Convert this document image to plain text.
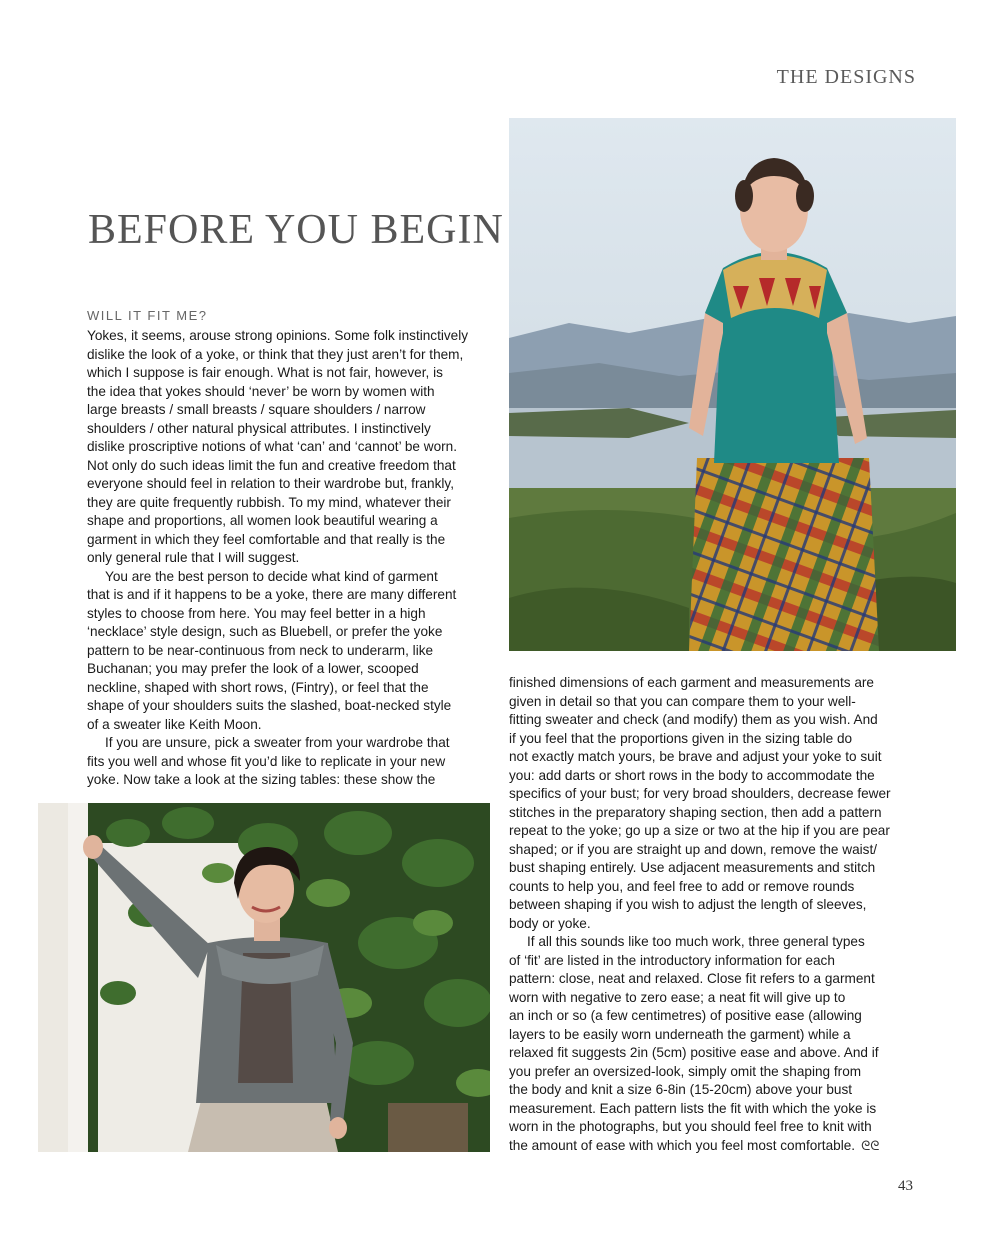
THE DESIGNS
BEFORE YOU BEGIN
WILL IT FIT ME?

Yokes, it seems, arouse strong opinions. Some folk instinctively

dislike the look of a yoke, or think that they just aren’t for them,

which I suppose is fair enough. What is not fair, however, is

the idea that yokes should ‘never’ be worn by women with

large breasts / small breasts / square shoulders / narrow

shoulders / other natural physical attributes. I instinctively

dislike proscriptive notions of what ‘can’ and ‘cannot’ be worn.

Not only do such ideas limit the fun and creative freedom that

everyone should feel in relation to their wardrobe but, frankly,

they are quite frequently rubbish. To my mind, whatever their

shape and proportions, all women look beautiful wearing a

garment in which they feel comfortable and that really is the

only general rule that I will suggest.

You are the best person to decide what kind of garment

that is and if it happens to be a yoke, there are many different

styles to choose from here. You may feel better in a high

‘necklace’ style design, such as Bluebell, or prefer the yoke

pattern to be near-continuous from neck to underarm, like

Buchanan; you may prefer the look of a lower, scooped

neckline, shaped with short rows, (Fintry), or feel that the

shape of your shoulders suits the slashed, boat-necked style

of a sweater like Keith Moon.

If you are unsure, pick a sweater from your wardrobe that

fits you well and whose fit you’d like to replicate in your new

yoke. Now take a look at the sizing tables: these show the

finished dimensions of each garment and measurements are

given in detail so that you can compare them to your well-

fitting sweater and check (and modify) them as you wish. And

if you feel that the proportions given in the sizing table do

not exactly match yours, be brave and adjust your yoke to suit

you: add darts or short rows in the body to accommodate the

specifics of your bust; for very broad shoulders, decrease fewer

stitches in the preparatory shaping section, then add a pattern

repeat to the yoke; go up a size or two at the hip if you are pear

shaped; or if you are straight up and down, remove the waist/

bust shaping entirely. Use adjacent measurements and stitch

counts to help you, and feel free to add or remove rounds

between shaping if you wish to adjust the length of sleeves,

body or yoke.

If all this sounds like too much work, three general types

of ‘fit’ are listed in the introductory information for each

pattern: close, neat and relaxed. Close fit refers to a garment

worn with negative to zero ease; a neat fit will give up to

an inch or so (a few centimetres) of positive ease (allowing

layers to be easily worn underneath the garment) while a

relaxed fit suggests 2in (5cm) positive ease and above. And if

you prefer an oversized-look, simply omit the shaping from

the body and knit a size 6-8in (15-20cm) above your bust

measurement. Each pattern lists the fit with which the yoke is

worn in the photographs, but you should feel free to knit with

the amount of ease with which you feel most comfortable. ᘓᘓ

43
